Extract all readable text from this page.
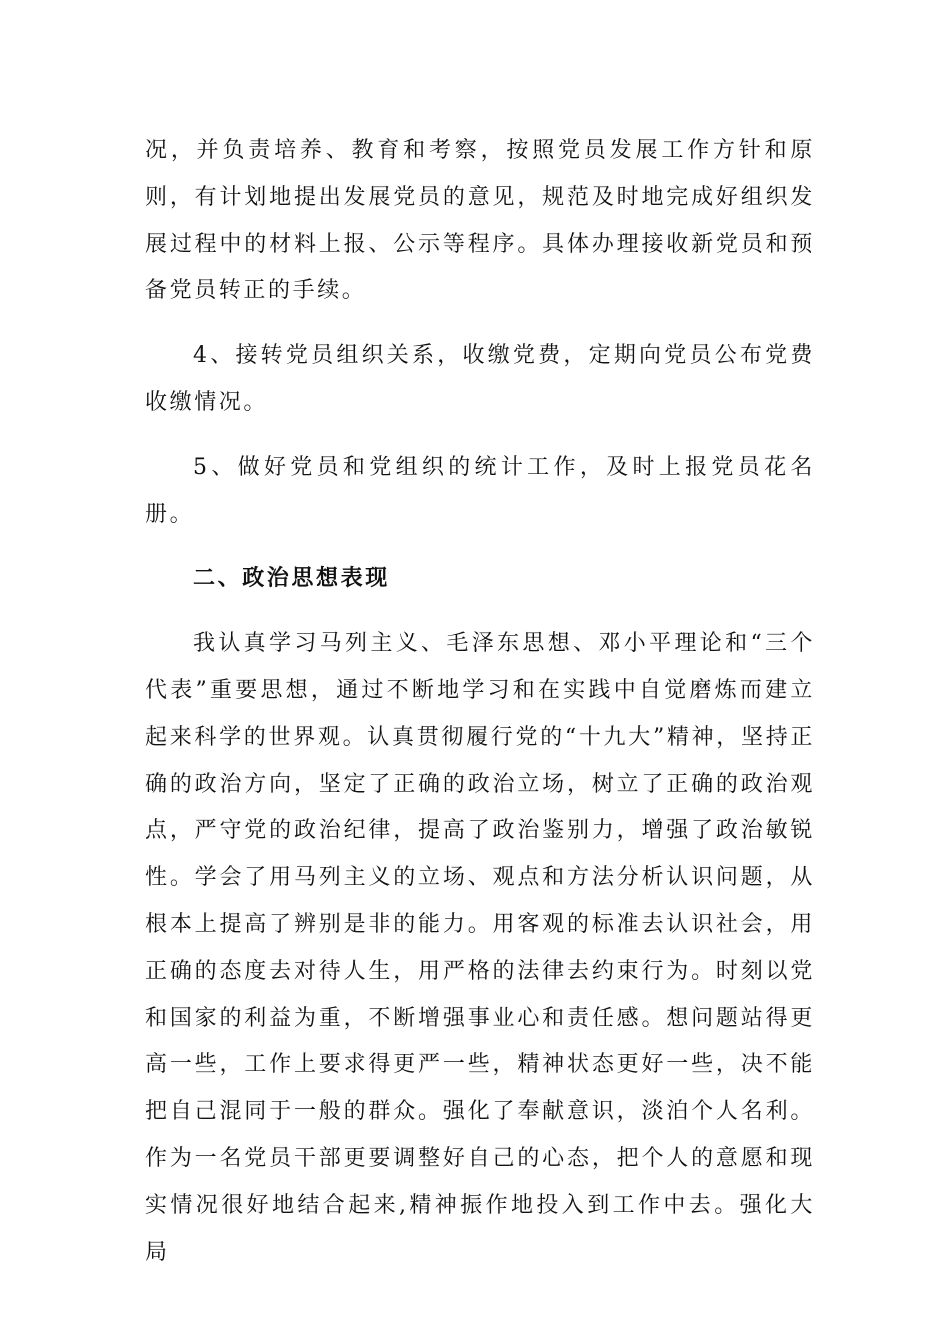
况，并负责培养、教育和考察，按照党员发展工作方针和原则，有计划地提出发展党员的意见，规范及时地完成好组织发展过程中的材料上报、公示等程序。具体办理接收新党员和预备党员转正的手续。

4、接转党员组织关系，收缴党费，定期向党员公布党费收缴情况。

5、做好党员和党组织的统计工作，及时上报党员花名册。

二、政治思想表现

我认真学习马列主义、毛泽东思想、邓小平理论和“三个代表”重要思想，通过不断地学习和在实践中自觉磨炼而建立起来科学的世界观。认真贯彻履行党的“十九大”精神，坚持正确的政治方向，坚定了正确的政治立场，树立了正确的政治观点，严守党的政治纪律，提高了政治鉴别力，增强了政治敏锐性。学会了用马列主义的立场、观点和方法分析认识问题，从根本上提高了辨别是非的能力。用客观的标准去认识社会，用正确的态度去对待人生，用严格的法律去约束行为。时刻以党和国家的利益为重，不断增强事业心和责任感。想问题站得更高一些，工作上要求得更严一些，精神状态更好一些，决不能把自己混同于一般的群众。强化了奉献意识，淡泊个人名利。作为一名党员干部更要调整好自己的心态，把个人的意愿和现实情况很好地结合起来,精神振作地投入到工作中去。强化大局
